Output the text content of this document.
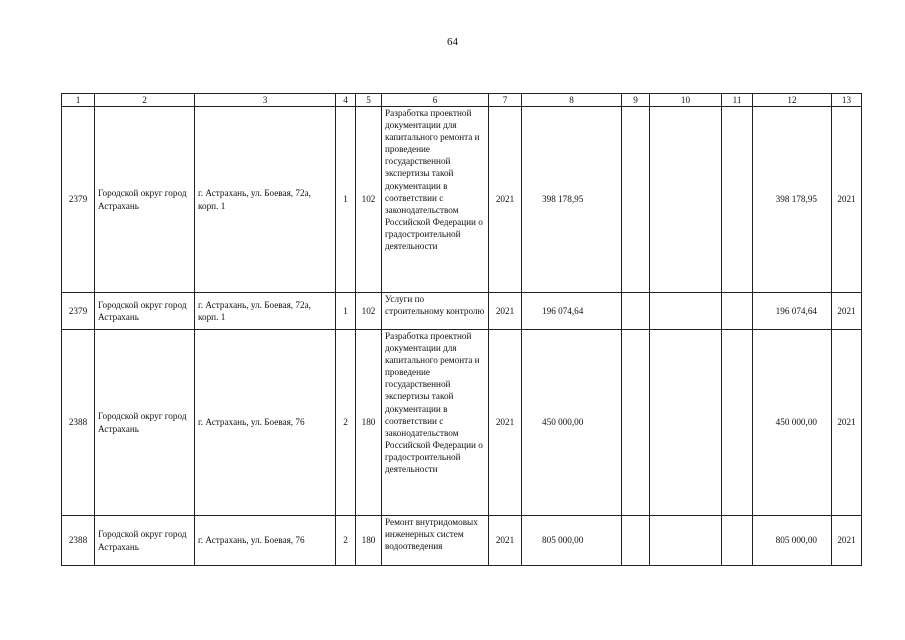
64
1	2	3	4	5	6	7	8	9	10	11	12	13
2379	Городской округ город Астрахань	г. Астрахань, ул. Боевая, 72а, корп. 1	1	102	Разработка проектной документации для капитального ремонта и проведение государственной экспертизы такой документации в соответствии с законодательством Российской Федерации о градостроительной деятельности	2021	398 178,95				398 178,95	2021
2379	Городской округ город Астрахань	г. Астрахань, ул. Боевая, 72а, корп. 1	1	102	Услуги по строительному контролю	2021	196 074,64				196 074,64	2021
2388	Городской округ город Астрахань	г. Астрахань, ул. Боевая, 76	2	180	Разработка проектной документации для капитального ремонта и проведение государственной экспертизы такой документации в соответствии с законодательством Российской Федерации о градостроительной деятельности	2021	450 000,00				450 000,00	2021
2388	Городской округ город Астрахань	г. Астрахань, ул. Боевая, 76	2	180	Ремонт внутридомовых инженерных систем водоотведения	2021	805 000,00				805 000,00	2021
